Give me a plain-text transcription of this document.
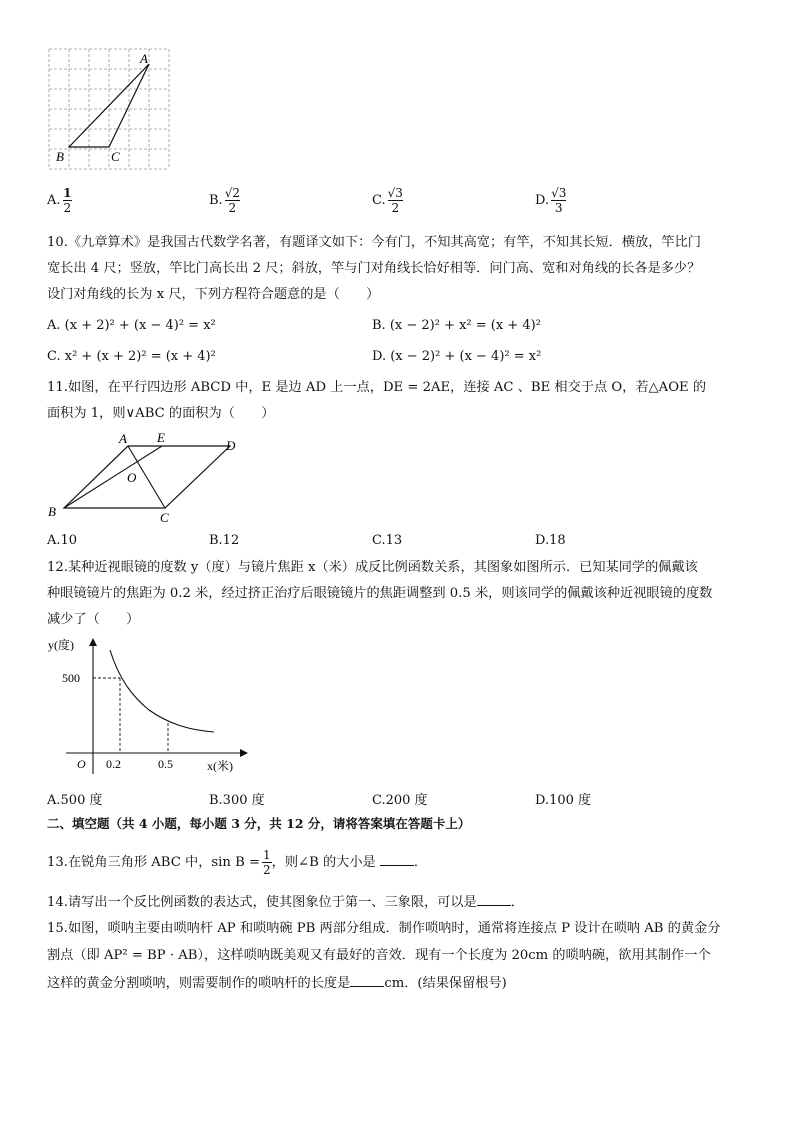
A
B	C
A. $\frac{1}{2}$	B. $\frac{√2}{2}$	C. $\frac{√3}{2}$	D. $\frac{√3}{3}$
10.《九章算术》是我国古代数学名著，有题译文如下：今有门，不知其高宽；有竿，不知其长短．横放，竿比门
宽长出 4 尺；竖放，竿比门高长出 2 尺；斜放，竿与门对角线长恰好相等．问门高、宽和对角线的长各是多少？
设门对角线的长为 x 尺，下列方程符合题意的是（　　）
A. (x + 2)² + (x − 4)² = x²	B. (x − 2)² + x² = (x + 4)²
C. x² + (x + 2)² = (x + 4)²	D. (x − 2)² + (x − 4)² = x²
11.如图，在平行四边形 ABCD 中，E 是边 AD 上一点，DE = 2AE，连接 AC 、BE 相交于点 O，若△AOE 的
面积为 1，则∨ABC 的面积为（　　）
A E
D
O
B	C
A.10	B.12	C.13	D.18
12.某种近视眼镜的度数 y（度）与镜片焦距 x（米）成反比例函数关系，其图象如图所示．已知某同学的佩戴该
种眼镜镜片的焦距为 0.2 米，经过挤正治疗后眼镜镜片的焦距调整到 0.5 米，则该同学的佩戴该种近视眼镜的度数
减少了（　　）
y(度)
500
O 0.2	0.5	x(米)
A.500 度	B.300 度	C.200 度	D.100 度
二、填空题（共 4 小题，每小题 3 分，共 12 分，请将答案填在答题卡上）
13.在锐角三角形 ABC 中，$\sin B = \frac{1}{2}$ ，则∠B 的大小是	．
14.请写出一个反比例函数的表达式，使其图象位于第一、三象限，可以是	．
15.如图，唢呐主要由唢呐杆 AP 和唢呐碗 PB 两部分组成．制作唢呐时，通常将连接点 P 设计在唢呐 AB 的黄金分
割点（即 AP² = BP · AB），这样唢呐既美观又有最好的音效．现有一个长度为 20cm 的唢呐碗，欲用其制作一个
这样的黄金分割唢呐，则需要制作的唢呐杆的长度是	cm．(结果保留根号)
